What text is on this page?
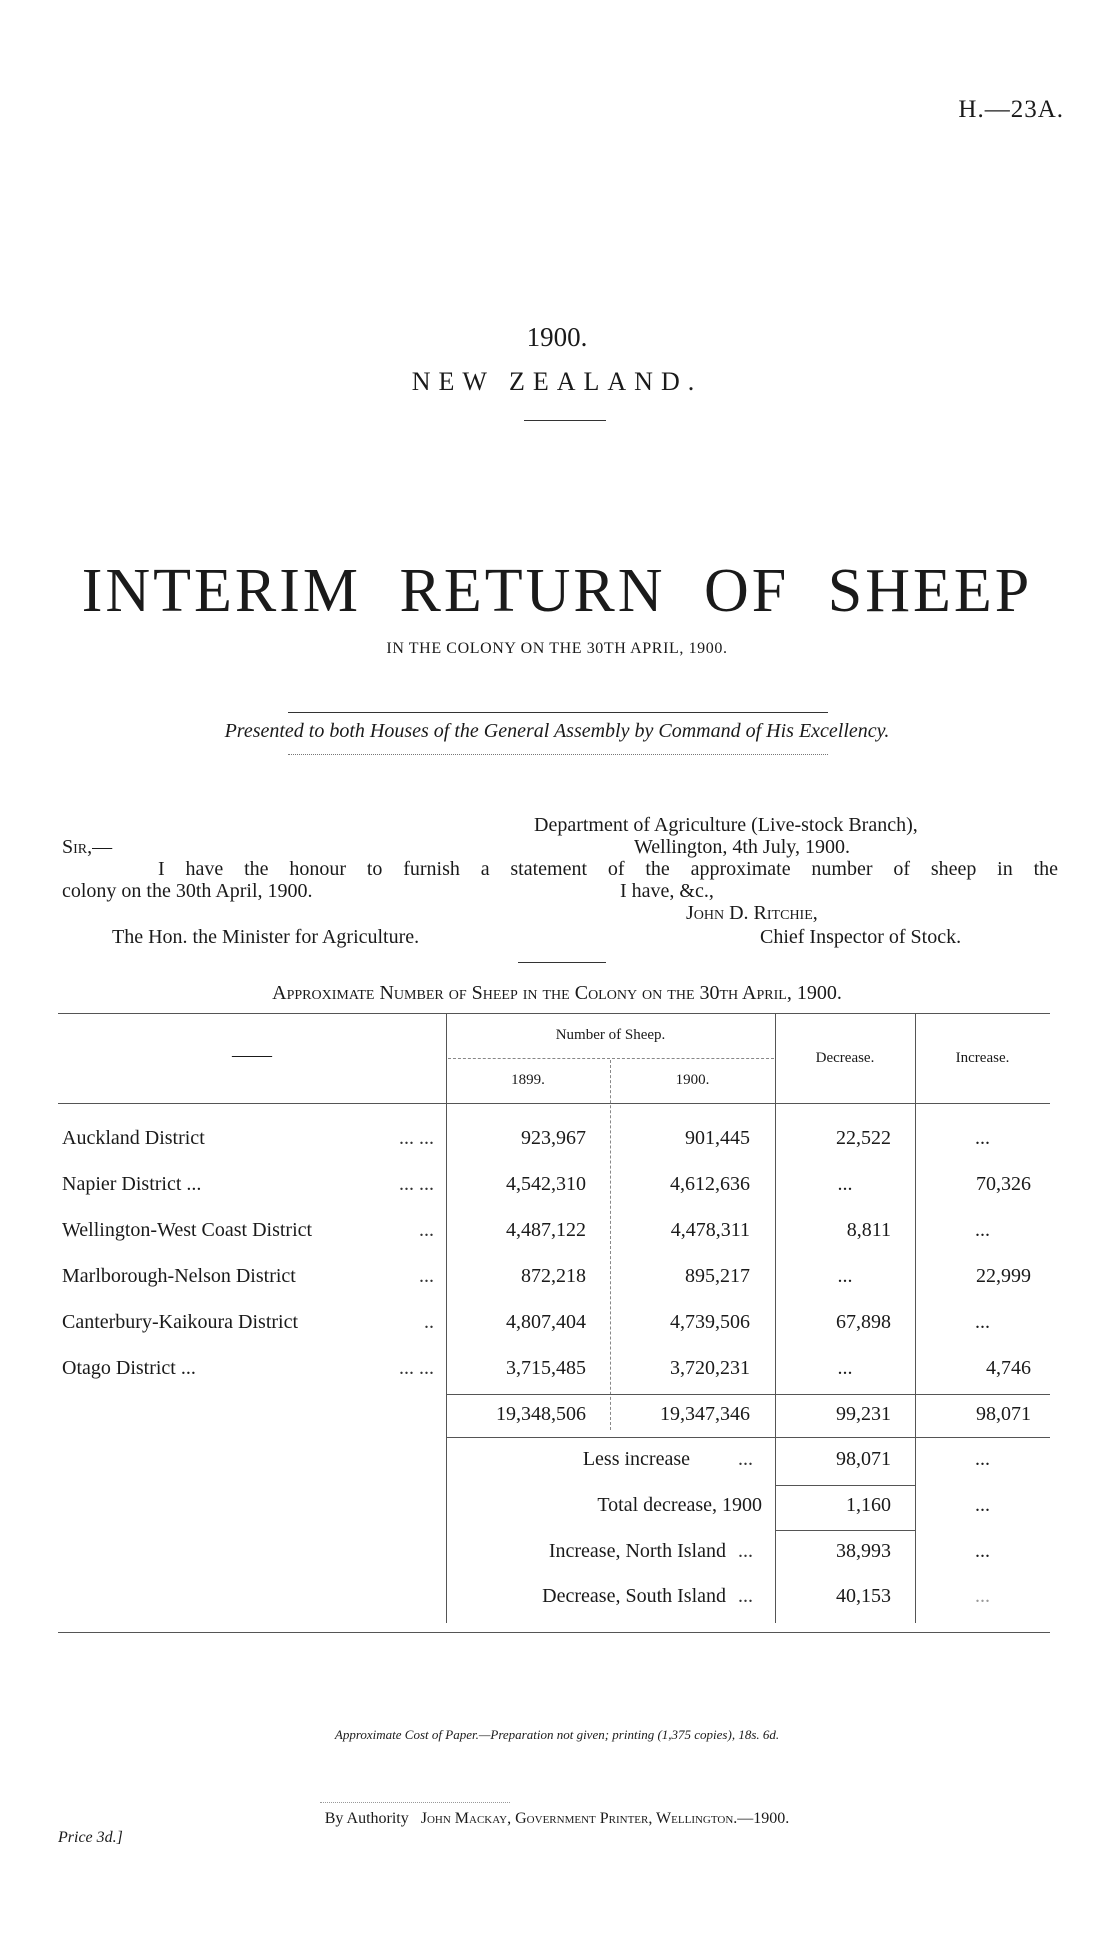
H.—23A.
1900.
NEW ZEALAND.
INTERIM RETURN OF SHEEP
IN THE COLONY ON THE 30TH APRIL, 1900.
Presented to both Houses of the General Assembly by Command of His Excellency.
Department of Agriculture (Live-stock Branch),
Sir,—	Wellington, 4th July, 1900.
I have the honour to furnish a statement of the approximate number of sheep in the
colony on the 30th April, 1900.	I have, &c.,
John D. Ritchie,
The Hon. the Minister for Agriculture.	Chief Inspector of Stock.
Approximate Number of Sheep in the Colony on the 30th April, 1900.
——
Number of Sheep.
1899.	1900.
Decrease.	Increase.
Auckland District	... ...	923,967	901,445	22,522	...
Napier District ...	... ...	4,542,310	4,612,636	...	70,326
Wellington-West Coast District	...	4,487,122	4,478,311	8,811	...
Marlborough-Nelson District	...	872,218	895,217	...	22,999
Canterbury-Kaikoura District	..	4,807,404	4,739,506	67,898	...
Otago District ...	... ...	3,715,485	3,720,231	...	4,746
19,348,506	19,347,346	99,231	98,071
Less increase ...	98,071	...
Total decrease, 1900	1,160	...
Increase, North Island ...	38,993	...
Decrease, South Island ...	40,153	...
Approximate Cost of Paper.—Preparation not given; printing (1,375 copies), 18s. 6d.
By Authority John Mackay, Government Printer, Wellington.—1900.
Price 3d.]
